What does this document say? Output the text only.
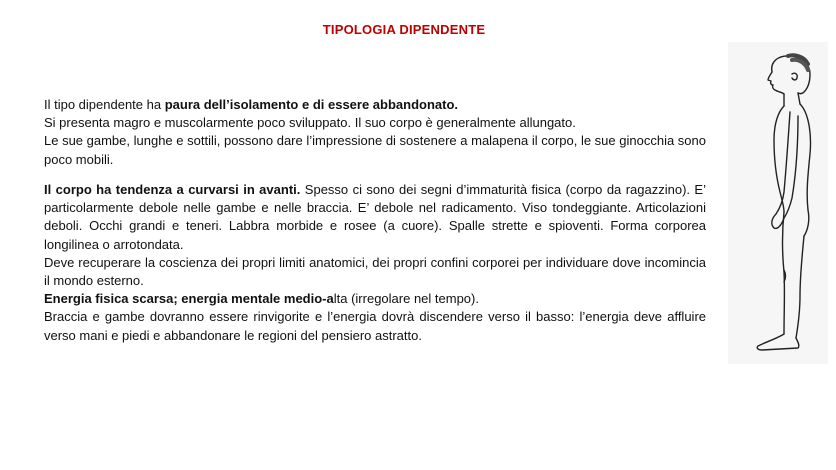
TIPOLOGIA DIPENDENTE

Il tipo dipendente ha paura dell’isolamento e di essere abbandonato.

Si presenta magro e muscolarmente poco sviluppato. Il suo corpo è generalmente allungato.

Le sue gambe, lunghe e sottili, possono dare l’impressione di sostenere a malapena il corpo, le sue ginocchia sono poco mobili.

Il corpo ha tendenza a curvarsi in avanti. Spesso ci sono dei segni d’immaturità fisica (corpo da ragazzino). E’ particolarmente debole nelle gambe e nelle braccia. E’ debole nel radicamento. Viso tondeggiante. Articolazioni deboli. Occhi grandi e teneri. Labbra morbide e rosee (a cuore). Spalle strette e spioventi. Forma corporea longilinea o arrotondata.

Deve recuperare la coscienza dei propri limiti anatomici, dei propri confini corporei per individuare dove incomincia il mondo esterno.

Energia fisica scarsa; energia mentale medio-alta (irregolare nel tempo).

Braccia e gambe dovranno essere rinvigorite e l’energia dovrà discendere verso il basso: l’energia deve affluire verso mani e piedi e abbandonare le regioni del pensiero astratto.
